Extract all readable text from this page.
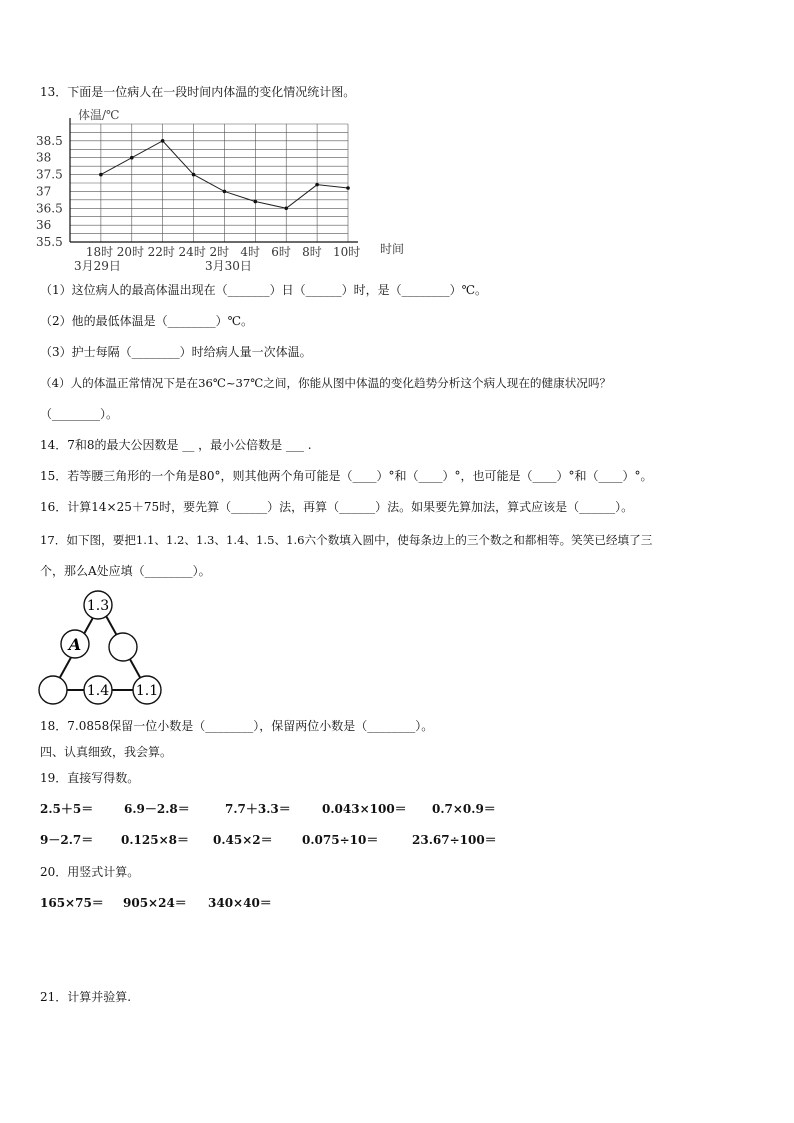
13．下面是一位病人在一段时间内体温的变化情况统计图。
35.5
36
36.5
37
37.5
38
38.5
18时 20时 22时 24时 2时 4时 6时 8时 10时
体温/℃
时间
3月29日	3月30日
（1）这位病人的最高体温出现在（_______）日（______）时，是（________）℃。
（2）他的最低体温是（________）℃。
（3）护士每隔（________）时给病人量一次体温。
（4）人的体温正常情况下是在36℃~37℃之间，你能从图中体温的变化趋势分析这个病人现在的健康状况吗？
（________）。
14．7和8的最大公因数是 __ ，最小公倍数是 ___ .
15．若等腰三角形的一个角是80°，则其他两个角可能是（____）°和（____）°，也可能是（____）°和（____）°。
16．计算14×25＋75时，要先算（______）法，再算（______）法。如果要先算加法，算式应该是（______）。
17．如下图，要把1.1、1.2、1.3、1.4、1.5、1.6六个数填入圆中，使每条边上的三个数之和都相等。笑笑已经填了三
个，那么A处应填（________）。
1.3
A
1.4 1.1
18．7.0858保留一位小数是（________），保留两位小数是（________）。
四、认真细致，我会算。
19．直接写得数。
2.5＋5＝	6.9－2.8＝	7.7＋3.3＝	0.043×100＝	0.7×0.9＝
9－2.7＝	0.125×8＝	0.45×2＝	0.075÷10＝	23.67÷100＝
20．用竖式计算。
165×75＝ 905×24＝	340×40＝
21．计算并验算.
